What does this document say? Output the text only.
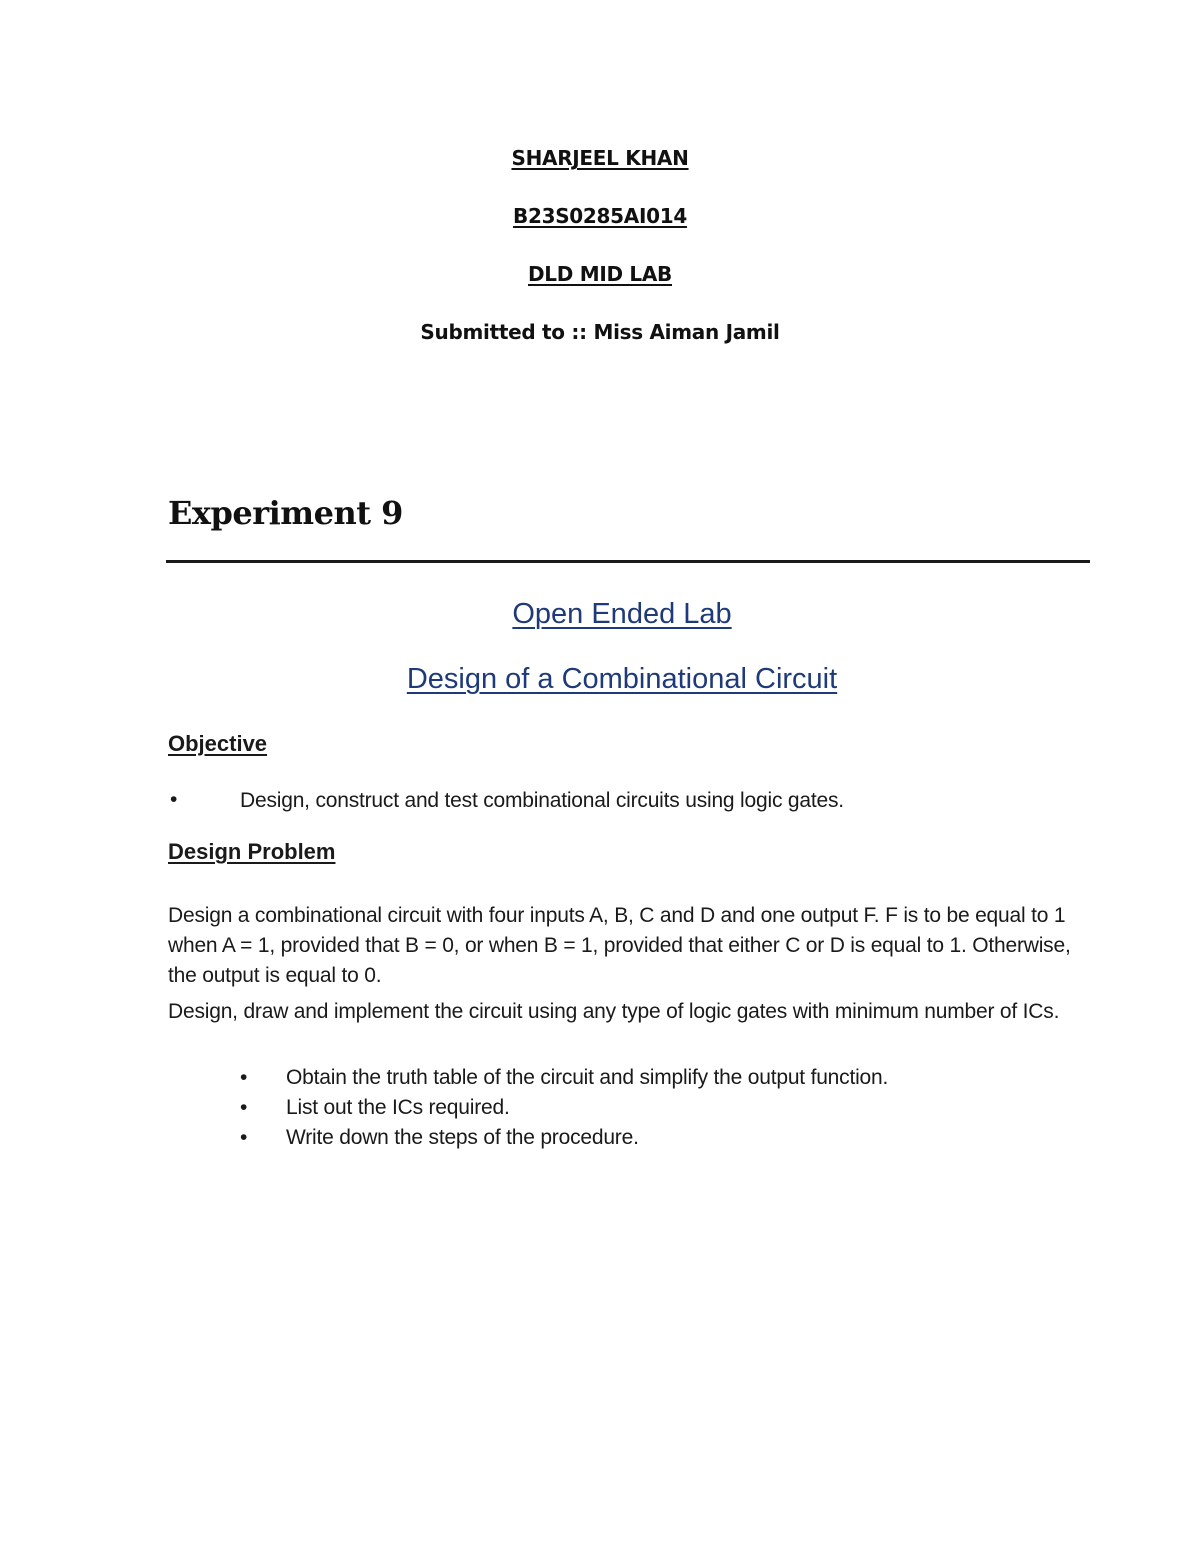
SHARJEEL KHAN
B23S0285AI014
DLD MID LAB
Submitted to :: Miss Aiman Jamil
Experiment 9
Open Ended Lab
Design of a Combinational Circuit
Objective
•	Design, construct and test combinational circuits using logic gates.
Design Problem
Design a combinational circuit with four inputs A, B, C and D and one output F. F is to be equal to 1 when A = 1, provided that B = 0, or when B = 1, provided that either C or D is equal to 1. Otherwise, the output is equal to 0.
Design, draw and implement the circuit using any type of logic gates with minimum number of ICs.
•	Obtain the truth table of the circuit and simplify the output function.
•	List out the ICs required.
•	Write down the steps of the procedure.
